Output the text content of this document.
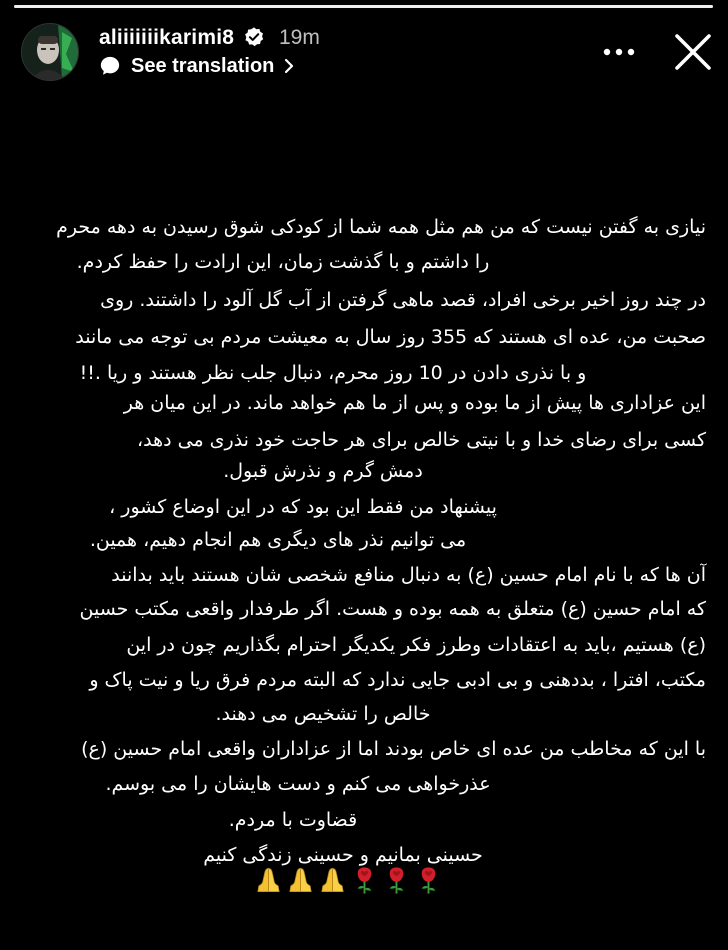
aliiiiiiikarimi8 19m
See translation
نیازی به گفتن نیست که من هم مثل همه شما از کودکی شوق رسیدن به دهه محرم
را داشتم و با گذشت زمان، این ارادت را حفظ کردم.
در چند روز اخیر برخی افراد، قصد ماهی گرفتن از آب گل آلود را داشتند. روی
صحبت من، عده ای هستند که 355 روز سال به معیشت مردم بی توجه می مانند
و با نذری دادن در 10 روز محرم، دنبال جلب نظر هستند و ریا .!!
این عزاداری ها پیش از ما بوده و پس از ما هم خواهد ماند. در این میان هر
کسی برای رضای خدا و با نیتی خالص برای هر حاجت خود نذری می دهد،
دمش گرم و نذرش قبول.
پیشنهاد من فقط این بود که در این اوضاع کشور ،
می توانیم نذر های دیگری هم انجام دهیم، همین.
آن ها که با نام امام حسین (ع) به دنبال منافع شخصی شان هستند باید بدانند
که امام حسین (ع) متعلق به همه بوده و هست. اگر طرفدار واقعی مکتب حسین
(ع) هستیم ،باید به اعتقادات وطرز فکر یکدیگر احترام بگذاریم چون در این
مکتب، افترا ، بددهنی و بی ادبی جایی ندارد که البته مردم فرق ریا و نیت پاک و
خالص را تشخیص می دهند.
با این که مخاطب من عده ای خاص بودند اما از عزاداران واقعی امام حسین (ع)
عذرخواهی می کنم و دست هایشان را می بوسم.
قضاوت با مردم.
حسینی بمانیم و حسینی زندگی کنیم
